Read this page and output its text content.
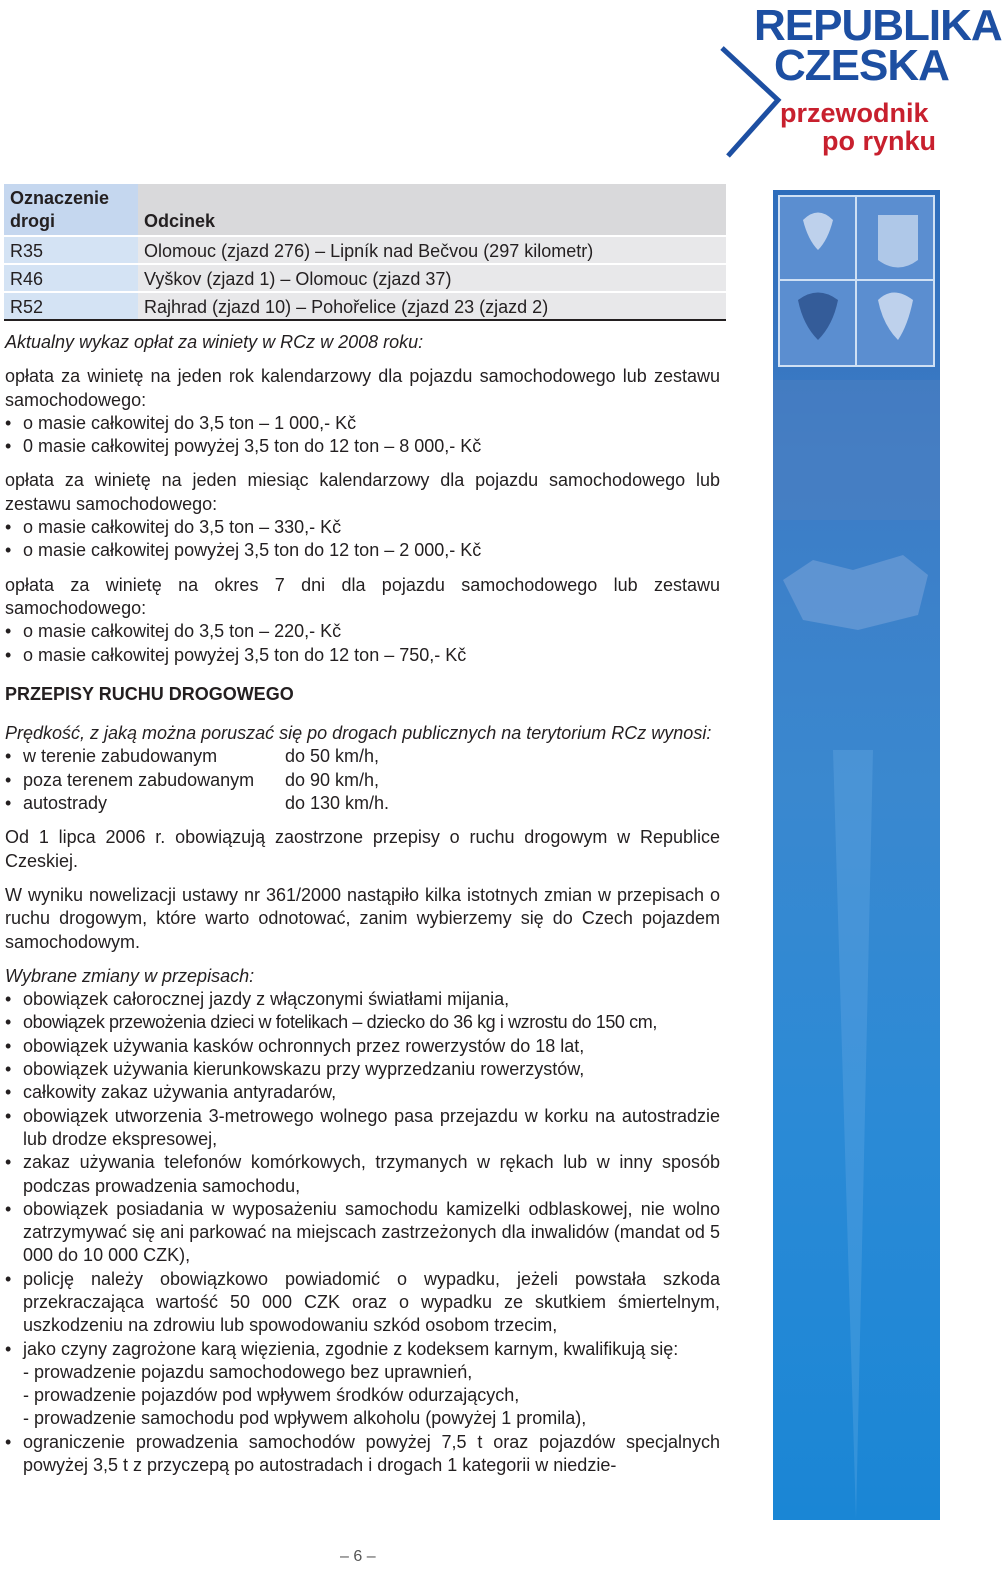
REPUBLIKA
CZESKA
przewodnik
po rynku
Oznaczenie drogi	Odcinek
R35	Olomouc (zjazd 276) – Lipník nad Bečvou (297 kilometr)
R46	Vyškov (zjazd 1) – Olomouc (zjazd 37)
R52	Rajhrad (zjazd 10) – Pohořelice (zjazd 23 (zjazd 2)

Aktualny wykaz opłat za winiety w RCz w 2008 roku:

opłata za winietę na jeden rok kalendarzowy dla pojazdu samochodowego lub zestawu samochodowego:

• o masie całkowitej do 3,5 ton – 1 000,- Kč
• 0 masie całkowitej powyżej 3,5 ton do 12 ton – 8 000,- Kč

opłata za winietę na jeden miesiąc kalendarzowy dla pojazdu samochodowego lub zestawu samochodowego:

• o masie całkowitej do 3,5 ton – 330,- Kč
• o masie całkowitej powyżej 3,5 ton do 12 ton – 2 000,- Kč

opłata za winietę na okres 7 dni dla pojazdu samochodowego lub zestawu samochodowego:

• o masie całkowitej do 3,5 ton – 220,- Kč
• o masie całkowitej powyżej 3,5 ton do 12 ton – 750,- Kč

PRZEPISY RUCHU DROGOWEGO

Prędkość, z jaką można poruszać się po drogach publicznych na terytorium RCz wynosi:

• w terenie zabudowanym	do 50 km/h,
• poza terenem zabudowanym do 90 km/h,
• autostrady	do 130 km/h.

Od 1 lipca 2006 r. obowiązują zaostrzone przepisy o ruchu drogowym w Republice Czeskiej.

W wyniku nowelizacji ustawy nr 361/2000 nastąpiło kilka istotnych zmian w przepisach o ruchu drogowym, które warto odnotować, zanim wybierzemy się do Czech pojazdem samochodowym.

Wybrane zmiany w przepisach:

• obowiązek całorocznej jazdy z włączonymi światłami mijania,
• obowiązek przewożenia dzieci w fotelikach – dziecko do 36 kg i wzrostu do 150 cm,
• obowiązek używania kasków ochronnych przez rowerzystów do 18 lat,
• obowiązek używania kierunkowskazu przy wyprzedzaniu rowerzystów,
• całkowity zakaz używania antyradarów,
• obowiązek utworzenia 3-metrowego wolnego pasa przejazdu w korku na autostradzie lub drodze ekspresowej,
• zakaz używania telefonów komórkowych, trzymanych w rękach lub w inny sposób podczas prowadzenia samochodu,
• obowiązek posiadania w wyposażeniu samochodu kamizelki odblaskowej, nie wolno zatrzymywać się ani parkować na miejscach zastrzeżonych dla inwalidów (mandat od 5 000 do 10 000 CZK),
• policję należy obowiązkowo powiadomić o wypadku, jeżeli powstała szkoda przekraczająca wartość 50 000 CZK oraz o wypadku ze skutkiem śmiertelnym, uszkodzeniu na zdrowiu lub spowodowaniu szkód osobom trzecim,
• jako czyny zagrożone karą więzienia, zgodnie z kodeksem karnym, kwalifikują się:
- prowadzenie pojazdu samochodowego bez uprawnień,
- prowadzenie pojazdów pod wpływem środków odurzających,
- prowadzenie samochodu pod wpływem alkoholu (powyżej 1 promila),
• ograniczenie prowadzenia samochodów powyżej 7,5 t oraz pojazdów specjalnych powyżej 3,5 t z przyczepą po autostradach i drogach 1 kategorii w niedzie-
– 6 –
